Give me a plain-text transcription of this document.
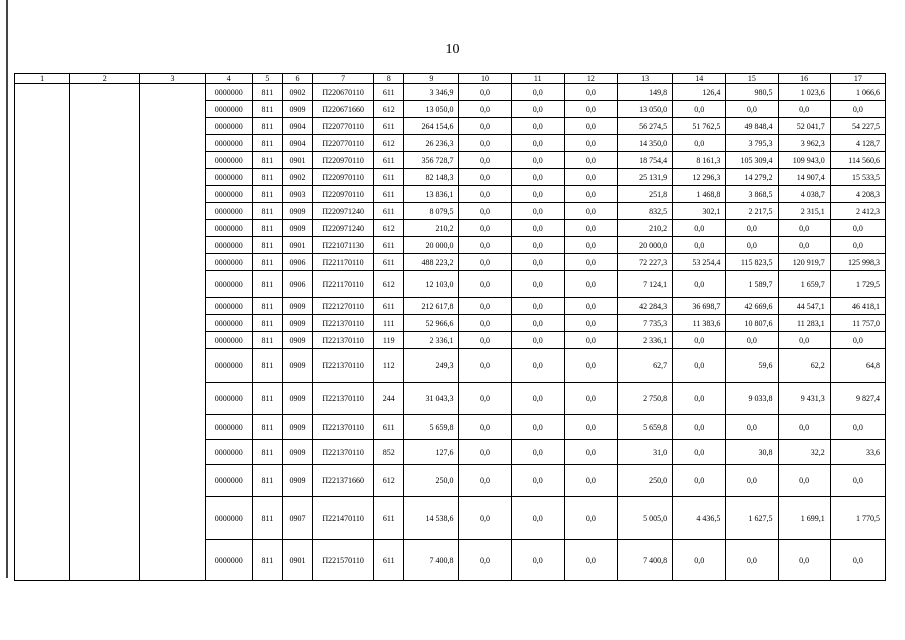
10
1	2	3	4	5	6	7	8	9	10	11	12	13	14	15	16	17
			0000000	811	0902	П220670110	611	3 346,9	0,0	0,0	0,0	149,8	126,4	980,5	1 023,6	1 066,6
			0000000	811	0909	П220671660	612	13 050,0	0,0	0,0	0,0	13 050,0	0,0	0,0	0,0	0,0
			0000000	811	0904	П220770110	611	264 154,6	0,0	0,0	0,0	56 274,5	51 762,5	49 848,4	52 041,7	54 227,5
			0000000	811	0904	П220770110	612	26 236,3	0,0	0,0	0,0	14 350,0	0,0	3 795,3	3 962,3	4 128,7
			0000000	811	0901	П220970110	611	356 728,7	0,0	0,0	0,0	18 754,4	8 161,3	105 309,4	109 943,0	114 560,6
			0000000	811	0902	П220970110	611	82 148,3	0,0	0,0	0,0	25 131,9	12 296,3	14 279,2	14 907,4	15 533,5
			0000000	811	0903	П220970110	611	13 836,1	0,0	0,0	0,0	251,8	1 468,8	3 868,5	4 038,7	4 208,3
			0000000	811	0909	П220971240	611	8 079,5	0,0	0,0	0,0	832,5	302,1	2 217,5	2 315,1	2 412,3
			0000000	811	0909	П220971240	612	210,2	0,0	0,0	0,0	210,2	0,0	0,0	0,0	0,0
			0000000	811	0901	П221071130	611	20 000,0	0,0	0,0	0,0	20 000,0	0,0	0,0	0,0	0,0
			0000000	811	0906	П221170110	611	488 223,2	0,0	0,0	0,0	72 227,3	53 254,4	115 823,5	120 919,7	125 998,3
			0000000	811	0906	П221170110	612	12 103,0	0,0	0,0	0,0	7 124,1	0,0	1 589,7	1 659,7	1 729,5
			0000000	811	0909	П221270110	611	212 617,8	0,0	0,0	0,0	42 284,3	36 698,7	42 669,6	44 547,1	46 418,1
			0000000	811	0909	П221370110	111	52 966,6	0,0	0,0	0,0	7 735,3	11 383,6	10 807,6	11 283,1	11 757,0
			0000000	811	0909	П221370110	119	2 336,1	0,0	0,0	0,0	2 336,1	0,0	0,0	0,0	0,0
			0000000	811	0909	П221370110	112	249,3	0,0	0,0	0,0	62,7	0,0	59,6	62,2	64,8
			0000000	811	0909	П221370110	244	31 043,3	0,0	0,0	0,0	2 750,8	0,0	9 033,8	9 431,3	9 827,4
			0000000	811	0909	П221370110	611	5 659,8	0,0	0,0	0,0	5 659,8	0,0	0,0	0,0	0,0
			0000000	811	0909	П221370110	852	127,6	0,0	0,0	0,0	31,0	0,0	30,8	32,2	33,6
			0000000	811	0909	П221371660	612	250,0	0,0	0,0	0,0	250,0	0,0	0,0	0,0	0,0
			0000000	811	0907	П221470110	611	14 538,6	0,0	0,0	0,0	5 005,0	4 436,5	1 627,5	1 699,1	1 770,5
			0000000	811	0901	П221570110	611	7 400,8	0,0	0,0	0,0	7 400,8	0,0	0,0	0,0	0,0
